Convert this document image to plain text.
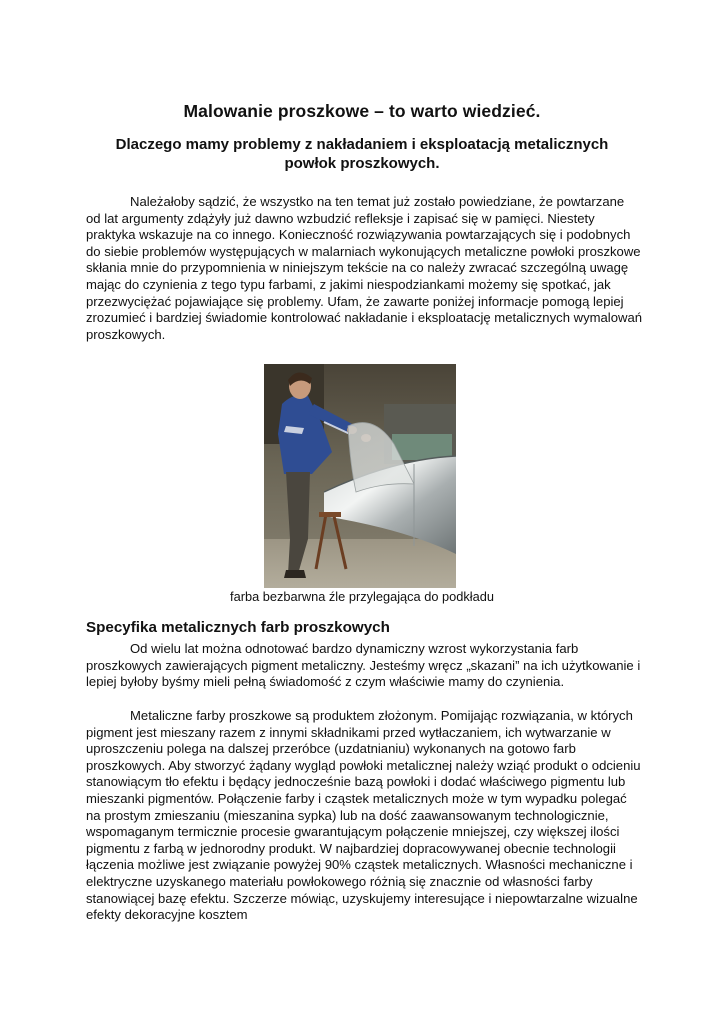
Malowanie proszkowe – to warto wiedzieć.
Dlaczego mamy problemy z nakładaniem i eksploatacją metalicznych powłok proszkowych.

Należałoby sądzić, że wszystko na ten temat już zostało powiedziane, że powtarzane od lat argumenty zdążyły już dawno wzbudzić refleksje i zapisać się w pamięci. Niestety praktyka wskazuje na co innego. Konieczność rozwiązywania powtarzających się i podobnych do siebie problemów występujących w malarniach wykonujących metaliczne powłoki proszkowe skłania mnie do przypomnienia w niniejszym tekście na co należy zwracać szczególną uwagę mając do czynienia z tego typu farbami, z jakimi niespodziankami możemy się spotkać, jak przezwyciężać pojawiające się problemy. Ufam, że zawarte poniżej informacje pomogą lepiej zrozumieć i bardziej świadomie kontrolować nakładanie i eksploatację metalicznych wymalowań proszkowych.

farba bezbarwna źle przylegająca do podkładu

Specyfika metalicznych farb proszkowych

Od wielu lat można odnotować bardzo dynamiczny wzrost wykorzystania farb proszkowych zawierających pigment metaliczny. Jesteśmy wręcz „skazani” na ich użytkowanie i lepiej byłoby byśmy mieli pełną świadomość z czym właściwie mamy do czynienia.

Metaliczne farby proszkowe są produktem złożonym. Pomijając rozwiązania, w których pigment jest mieszany razem z innymi składnikami przed wytłaczaniem, ich wytwarzanie w uproszczeniu polega na dalszej przeróbce (uzdatnianiu) wykonanych na gotowo farb proszkowych. Aby stworzyć żądany wygląd powłoki metalicznej należy wziąć produkt o odcieniu stanowiącym tło efektu i będący jednocześnie bazą powłoki i dodać właściwego pigmentu lub mieszanki pigmentów. Połączenie farby i cząstek metalicznych może w tym wypadku polegać na prostym zmieszaniu (mieszanina sypka) lub na dość zaawansowanym technologicznie, wspomaganym termicznie procesie gwarantującym połączenie mniejszej, czy większej ilości pigmentu z farbą w jednorodny produkt. W najbardziej dopracowywanej obecnie technologii łączenia możliwe jest związanie powyżej 90% cząstek metalicznych. Własności mechaniczne i elektryczne uzyskanego materiału powłokowego różnią się znacznie od własności farby stanowiącej bazę efektu. Szczerze mówiąc, uzyskujemy interesujące i niepowtarzalne wizualne efekty dekoracyjne kosztem
